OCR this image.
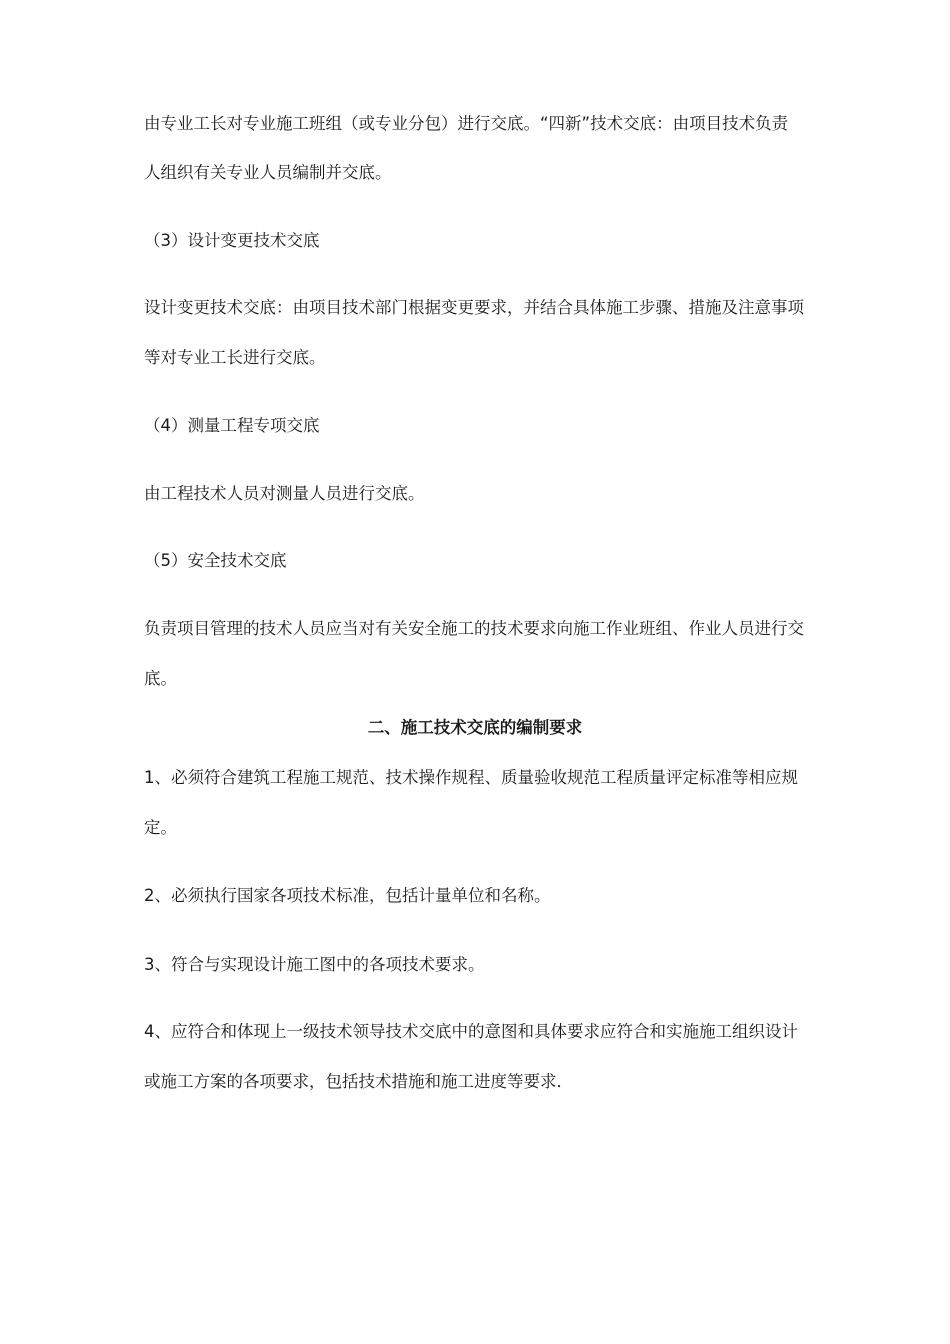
由专业工长对专业施工班组（或专业分包）进行交底。“四新”技术交底：由项目技术负责
人组织有关专业人员编制并交底。
（3）设计变更技术交底
设计变更技术交底：由项目技术部门根据变更要求，并结合具体施工步骤、措施及注意事项
等对专业工长进行交底。
（4）测量工程专项交底
由工程技术人员对测量人员进行交底。
（5）安全技术交底
负责项目管理的技术人员应当对有关安全施工的技术要求向施工作业班组、作业人员进行交
底。
二、施工技术交底的编制要求
1、必须符合建筑工程施工规范、技术操作规程、质量验收规范工程质量评定标准等相应规
定。
2、必须执行国家各项技术标准，包括计量单位和名称。
3、符合与实现设计施工图中的各项技术要求。
4、应符合和体现上一级技术领导技术交底中的意图和具体要求应符合和实施施工组织设计
或施工方案的各项要求，包括技术措施和施工进度等要求．
